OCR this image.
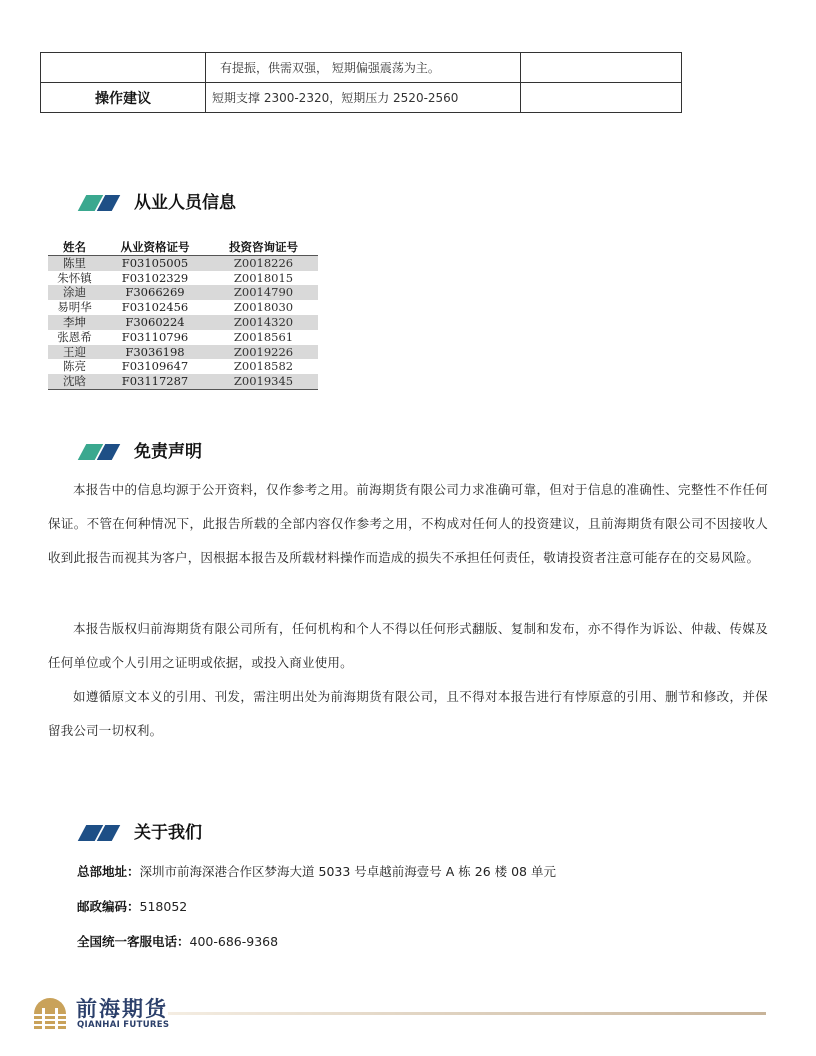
	有提振，供需双强， 短期偏强震荡为主。	
操作建议	短期支撑 2300-2320，短期压力 2520-2560	
从业人员信息
姓名	从业资格证号	投资咨询证号
陈里	F03105005	Z0018226
朱怀镇	F03102329	Z0018015
涂迪	F3066269	Z0014790
易明华	F03102456	Z0018030
李坤	F3060224	Z0014320
张恩希	F03110796	Z0018561
王迎	F3036198	Z0019226
陈亮	F03109647	Z0018582
沈晗	F03117287	Z0019345
免责声明
本报告中的信息均源于公开资料，仅作参考之用。前海期货有限公司力求准确可靠，但对于信息的准确性、完整性不作任何保证。不管在何种情况下，此报告所载的全部内容仅作参考之用，不构成对任何人的投资建议，且前海期货有限公司不因接收人收到此报告而视其为客户，因根据本报告及所载材料操作而造成的损失不承担任何责任，敬请投资者注意可能存在的交易风险。
本报告版权归前海期货有限公司所有，任何机构和个人不得以任何形式翻版、复制和发布，亦不得作为诉讼、仲裁、传媒及任何单位或个人引用之证明或依据，或投入商业使用。
如遵循原文本义的引用、刊发，需注明出处为前海期货有限公司，且不得对本报告进行有悖原意的引用、删节和修改，并保留我公司一切权利。
关于我们
总部地址：深圳市前海深港合作区梦海大道 5033 号卓越前海壹号 A 栋 26 楼 08 单元
邮政编码：518052
全国统一客服电话：400-686-9368
前海期货
QIANHAI FUTURES
